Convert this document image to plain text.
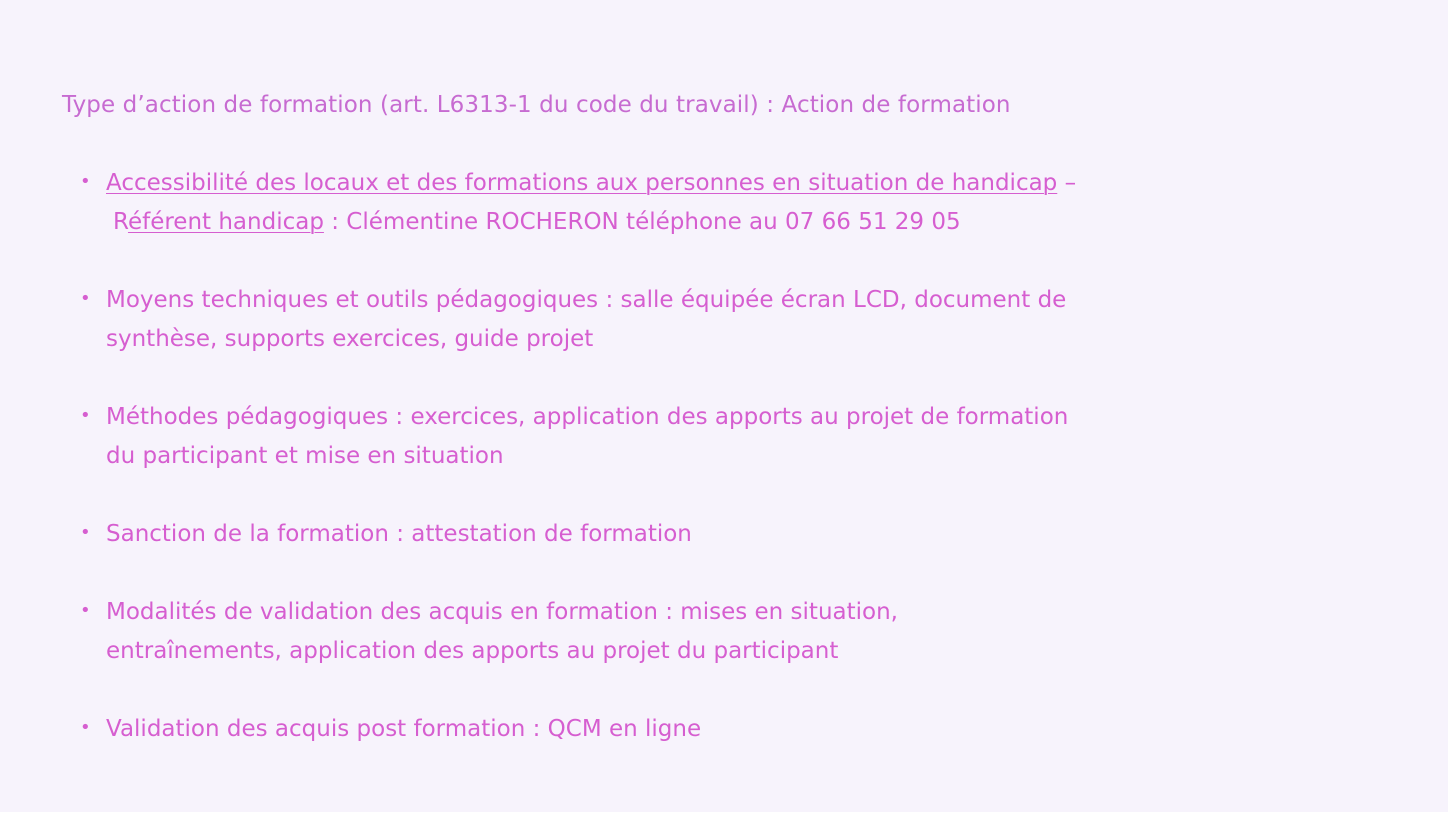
Type d’action de formation (art. L6313-1 du code du travail) : Action de formation

• Accessibilité des locaux et des formations aux personnes en situation de handicap –
Référent handicap : Clémentine ROCHERON téléphone au 07 66 51 29 05
• Moyens techniques et outils pédagogiques : salle équipée écran LCD, document de
synthèse, supports exercices, guide projet
• Méthodes pédagogiques : exercices, application des apports au projet de formation
du participant et mise en situation
• Sanction de la formation : attestation de formation
• Modalités de validation des acquis en formation : mises en situation,
entraînements, application des apports au projet du participant
• Validation des acquis post formation : QCM en ligne
